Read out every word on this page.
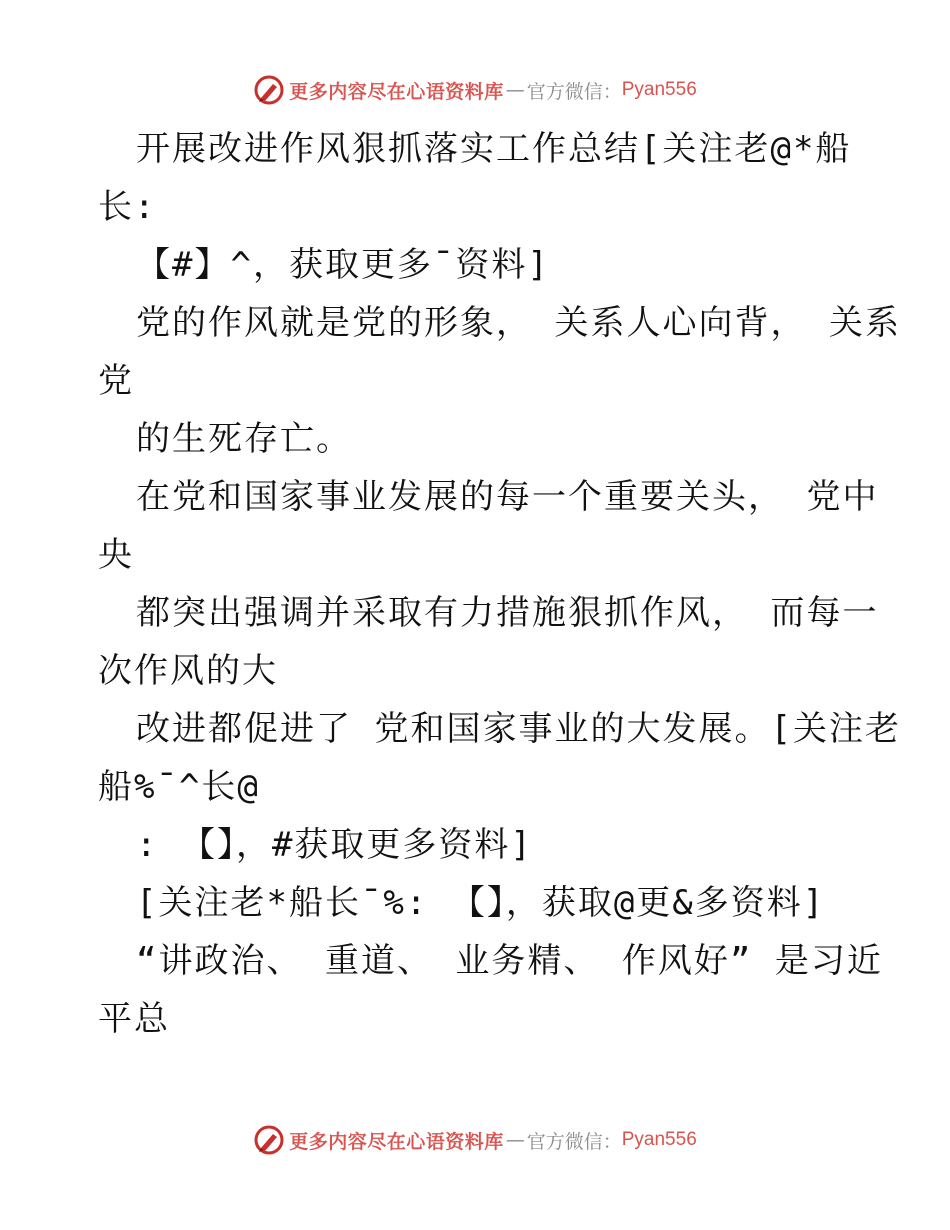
更多内容尽在心语资料库 — 官方微信： Pyan556
开展改进作风狠抓落实工作总结[关注老@*船
长:
【#】^，获取更多¯资料]
党的作风就是党的形象， 关系人心向背， 关系
党
的生死存亡。
在党和国家事业发展的每一个重要关头， 党中
央
都突出强调并采取有力措施狠抓作风， 而每一
次作风的大
改进都促进了 党和国家事业的大发展。[关注老
船%¯^长@
: 【】，#获取更多资料]
[关注老*船长¯%: 【】，获取@更&多资料]
“讲政治、 重道、 业务精、 作风好” 是习近
平总
更多内容尽在心语资料库 — 官方微信： Pyan556
